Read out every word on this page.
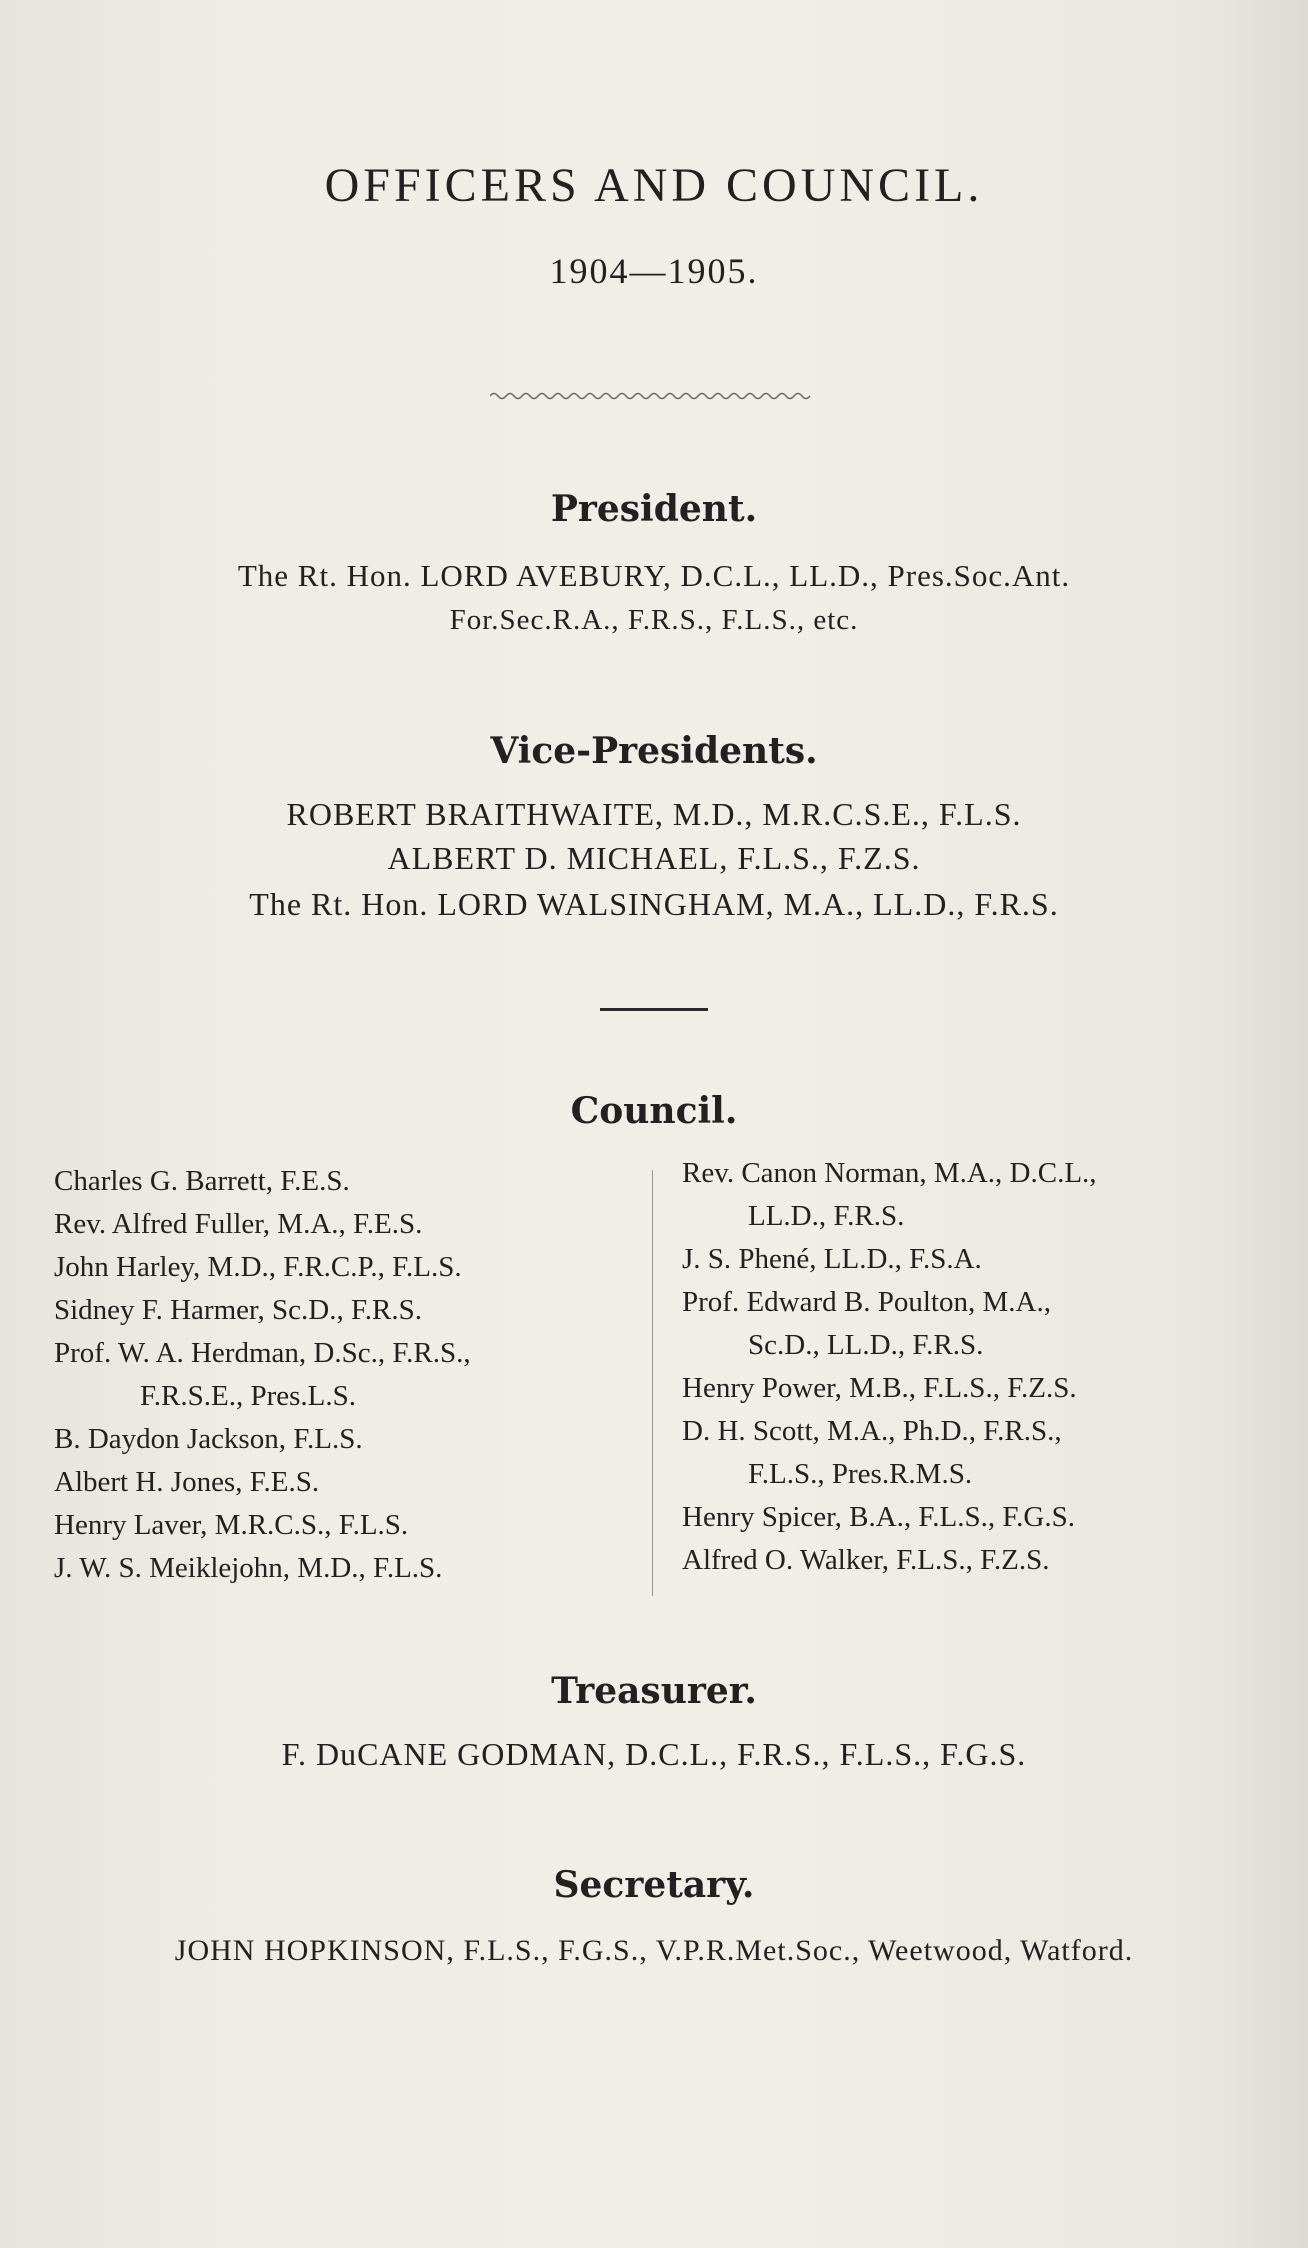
OFFICERS AND COUNCIL.
1904—1905.
President.
The Rt. Hon. LORD AVEBURY, D.C.L., LL.D., Pres.Soc.Ant.
For.Sec.R.A., F.R.S., F.L.S., etc.
Vice-Presidents.
ROBERT BRAITHWAITE, M.D., M.R.C.S.E., F.L.S.
ALBERT D. MICHAEL, F.L.S., F.Z.S.
The Rt. Hon. LORD WALSINGHAM, M.A., LL.D., F.R.S.
Council.
Charles G. Barrett, F.E.S.
Rev. Alfred Fuller, M.A., F.E.S.
John Harley, M.D., F.R.C.P., F.L.S.
Sidney F. Harmer, Sc.D., F.R.S.
Prof. W. A. Herdman, D.Sc., F.R.S.,
F.R.S.E., Pres.L.S.
B. Daydon Jackson, F.L.S.
Albert H. Jones, F.E.S.
Henry Laver, M.R.C.S., F.L.S.
J. W. S. Meiklejohn, M.D., F.L.S.
Rev. Canon Norman, M.A., D.C.L.,
LL.D., F.R.S.
J. S. Phené, LL.D., F.S.A.
Prof. Edward B. Poulton, M.A.,
Sc.D., LL.D., F.R.S.
Henry Power, M.B., F.L.S., F.Z.S.
D. H. Scott, M.A., Ph.D., F.R.S.,
F.L.S., Pres.R.M.S.
Henry Spicer, B.A., F.L.S., F.G.S.
Alfred O. Walker, F.L.S., F.Z.S.
Treasurer.
F. DuCANE GODMAN, D.C.L., F.R.S., F.L.S., F.G.S.
Secretary.
JOHN HOPKINSON, F.L.S., F.G.S., V.P.R.Met.Soc., Weetwood, Watford.
